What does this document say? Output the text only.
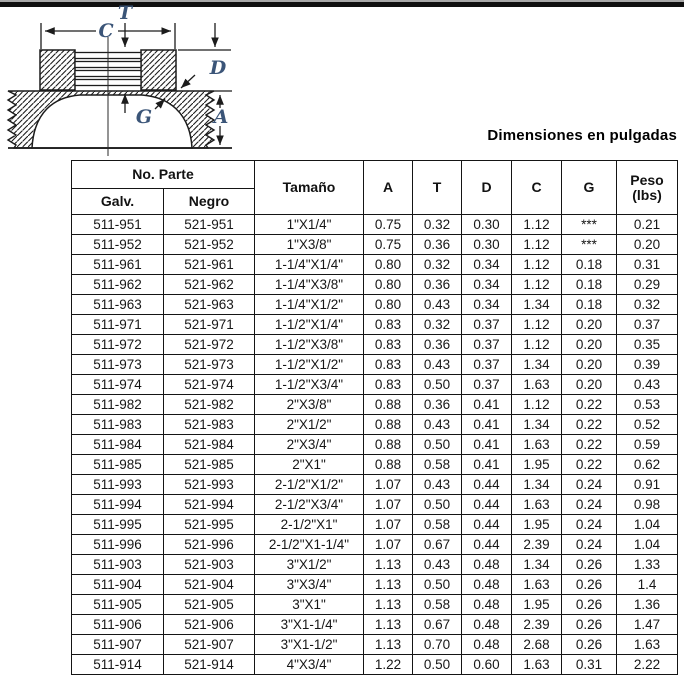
T
C
D
G	A
Dimensiones en pulgadas
No. Parte		Tamaño	A	T	D	C	G	Peso
(lbs)

Galv.	Negro							
511-951	521-951	1"X1/4"	0.75	0.32	0.30	1.12	***	0.21
511-952	521-952	1"X3/8"	0.75	0.36	0.30	1.12	***	0.20
511-961	521-961	1-1/4"X1/4"	0.80	0.32	0.34	1.12	0.18	0.31
511-962	521-962	1-1/4"X3/8"	0.80	0.36	0.34	1.12	0.18	0.29
511-963	521-963	1-1/4"X1/2"	0.80	0.43	0.34	1.34	0.18	0.32
511-971	521-971	1-1/2"X1/4"	0.83	0.32	0.37	1.12	0.20	0.37
511-972	521-972	1-1/2"X3/8"	0.83	0.36	0.37	1.12	0.20	0.35
511-973	521-973	1-1/2"X1/2"	0.83	0.43	0.37	1.34	0.20	0.39
511-974	521-974	1-1/2"X3/4"	0.83	0.50	0.37	1.63	0.20	0.43
511-982	521-982	2"X3/8"	0.88	0.36	0.41	1.12	0.22	0.53
511-983	521-983	2"X1/2"	0.88	0.43	0.41	1.34	0.22	0.52
511-984	521-984	2"X3/4"	0.88	0.50	0.41	1.63	0.22	0.59
511-985	521-985	2"X1"	0.88	0.58	0.41	1.95	0.22	0.62
511-993	521-993	2-1/2"X1/2"	1.07	0.43	0.44	1.34	0.24	0.91
511-994	521-994	2-1/2"X3/4"	1.07	0.50	0.44	1.63	0.24	0.98
511-995	521-995	2-1/2"X1"	1.07	0.58	0.44	1.95	0.24	1.04
511-996	521-996	2-1/2"X1-1/4"	1.07	0.67	0.44	2.39	0.24	1.04
511-903	521-903	3"X1/2"	1.13	0.43	0.48	1.34	0.26	1.33
511-904	521-904	3"X3/4"	1.13	0.50	0.48	1.63	0.26	1.4
511-905	521-905	3"X1"	1.13	0.58	0.48	1.95	0.26	1.36
511-906	521-906	3"X1-1/4"	1.13	0.67	0.48	2.39	0.26	1.47
511-907	521-907	3"X1-1/2"	1.13	0.70	0.48	2.68	0.26	1.63
511-914	521-914	4"X3/4"	1.22	0.50	0.60	1.63	0.31	2.22
